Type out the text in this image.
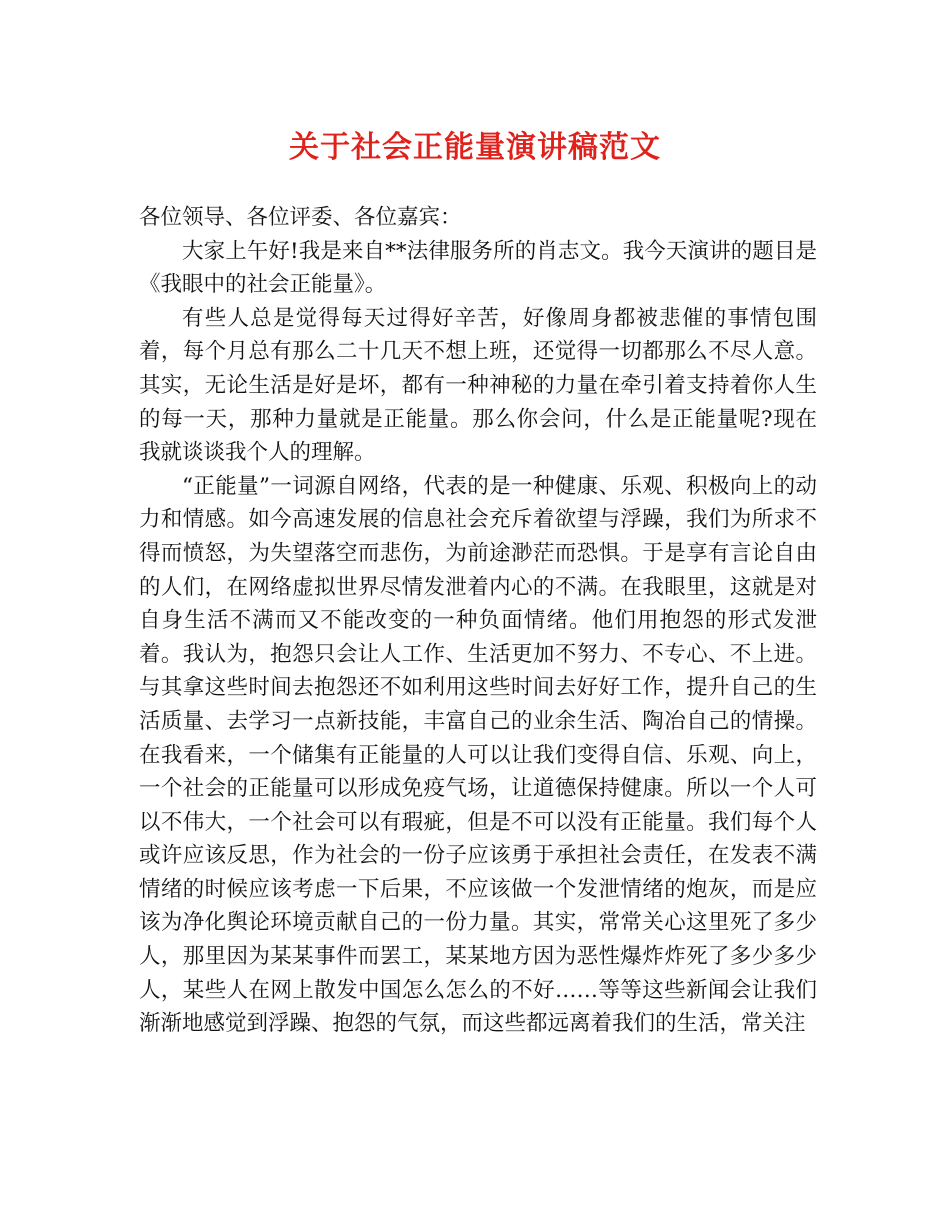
关于社会正能量演讲稿范文

各位领导、各位评委、各位嘉宾：

大家上午好!我是来自**法律服务所的肖志文。我今天演讲的题目是《我眼中的社会正能量》。

有些人总是觉得每天过得好辛苦，好像周身都被悲催的事情包围着，每个月总有那么二十几天不想上班，还觉得一切都那么不尽人意。其实，无论生活是好是坏，都有一种神秘的力量在牵引着支持着你人生的每一天，那种力量就是正能量。那么你会问，什么是正能量呢?现在我就谈谈我个人的理解。

“正能量”一词源自网络，代表的是一种健康、乐观、积极向上的动力和情感。如今高速发展的信息社会充斥着欲望与浮躁，我们为所求不得而愤怒，为失望落空而悲伤，为前途渺茫而恐惧。于是享有言论自由的人们，在网络虚拟世界尽情发泄着内心的不满。在我眼里，这就是对自身生活不满而又不能改变的一种负面情绪。他们用抱怨的形式发泄着。我认为，抱怨只会让人工作、生活更加不努力、不专心、不上进。与其拿这些时间去抱怨还不如利用这些时间去好好工作，提升自己的生活质量、去学习一点新技能，丰富自己的业余生活、陶冶自己的情操。在我看来，一个储集有正能量的人可以让我们变得自信、乐观、向上，一个社会的正能量可以形成免疫气场，让道德保持健康。所以一个人可以不伟大，一个社会可以有瑕疵，但是不可以没有正能量。我们每个人或许应该反思，作为社会的一份子应该勇于承担社会责任，在发表不满情绪的时候应该考虑一下后果，不应该做一个发泄情绪的炮灰，而是应该为净化舆论环境贡献自己的一份力量。其实，常常关心这里死了多少人，那里因为某某事件而罢工，某某地方因为恶性爆炸炸死了多少多少人，某些人在网上散发中国怎么怎么的不好……等等这些新闻会让我们渐渐地感觉到浮躁、抱怨的气氛，而这些都远离着我们的生活，常关注
